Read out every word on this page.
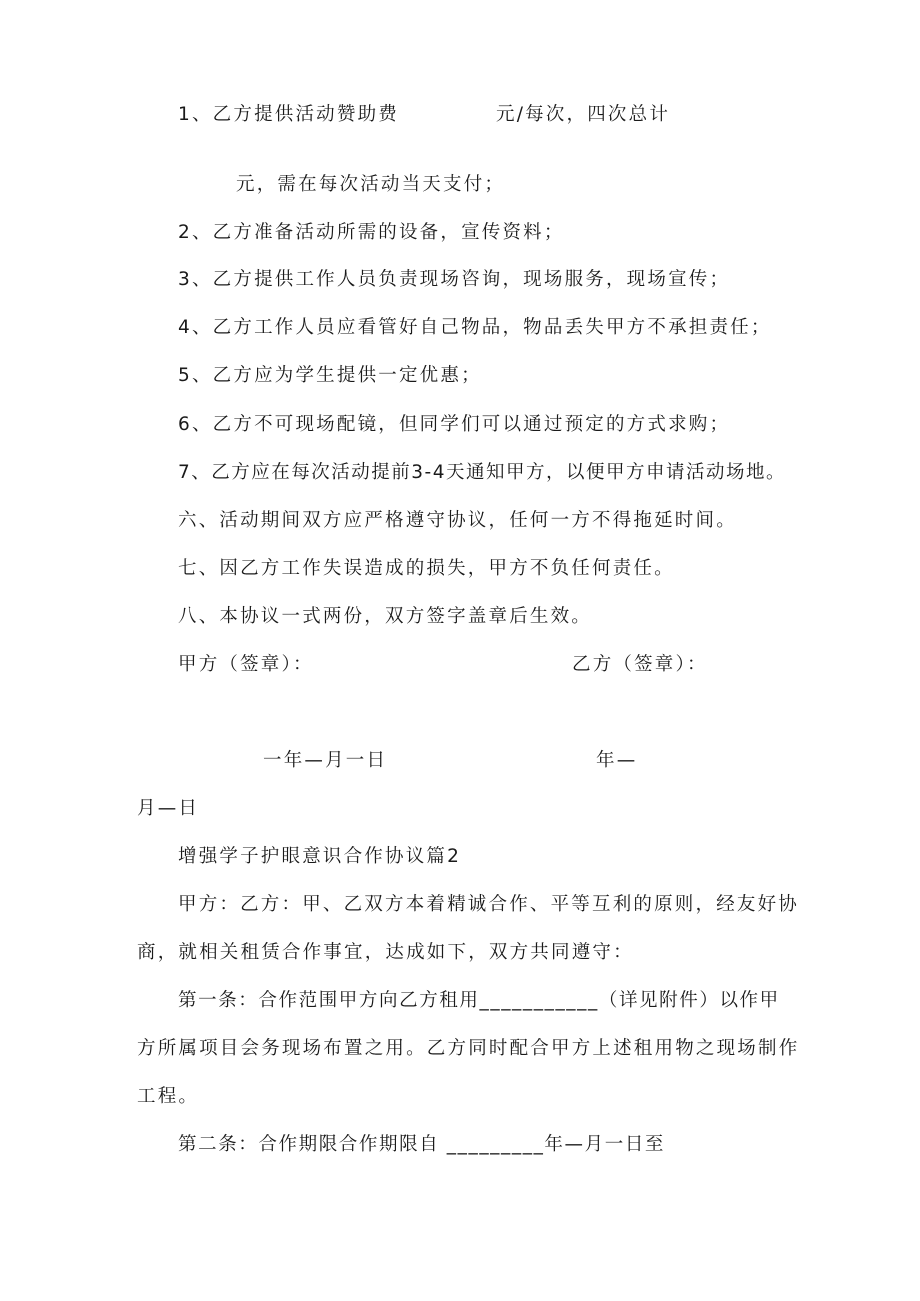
1、乙方提供活动赞助费	元/每次，四次总计
元，需在每次活动当天支付；
2、乙方准备活动所需的设备，宣传资料；
3、乙方提供工作人员负责现场咨询，现场服务，现场宣传；
4、乙方工作人员应看管好自己物品，物品丢失甲方不承担责任；
5、乙方应为学生提供一定优惠；
6、乙方不可现场配镜，但同学们可以通过预定的方式求购；
7、乙方应在每次活动提前3-4天通知甲方，以便甲方申请活动场地。
六、活动期间双方应严格遵守协议，任何一方不得拖延时间。
七、因乙方工作失误造成的损失，甲方不负任何责任。
八、本协议一式两份，双方签字盖章后生效。
甲方（签章）：	乙方（签章）：
一年—月一日	年—
月—日
增强学子护眼意识合作协议篇2
甲方：乙方：甲、乙双方本着精诚合作、平等互利的原则，经友好协
商，就相关租赁合作事宜，达成如下，双方共同遵守：
第一条：合作范围甲方向乙方租用___________（详见附件）以作甲
方所属项目会务现场布置之用。乙方同时配合甲方上述租用物之现场制作
工程。
第二条：合作期限合作期限自 _________年—月一日至
